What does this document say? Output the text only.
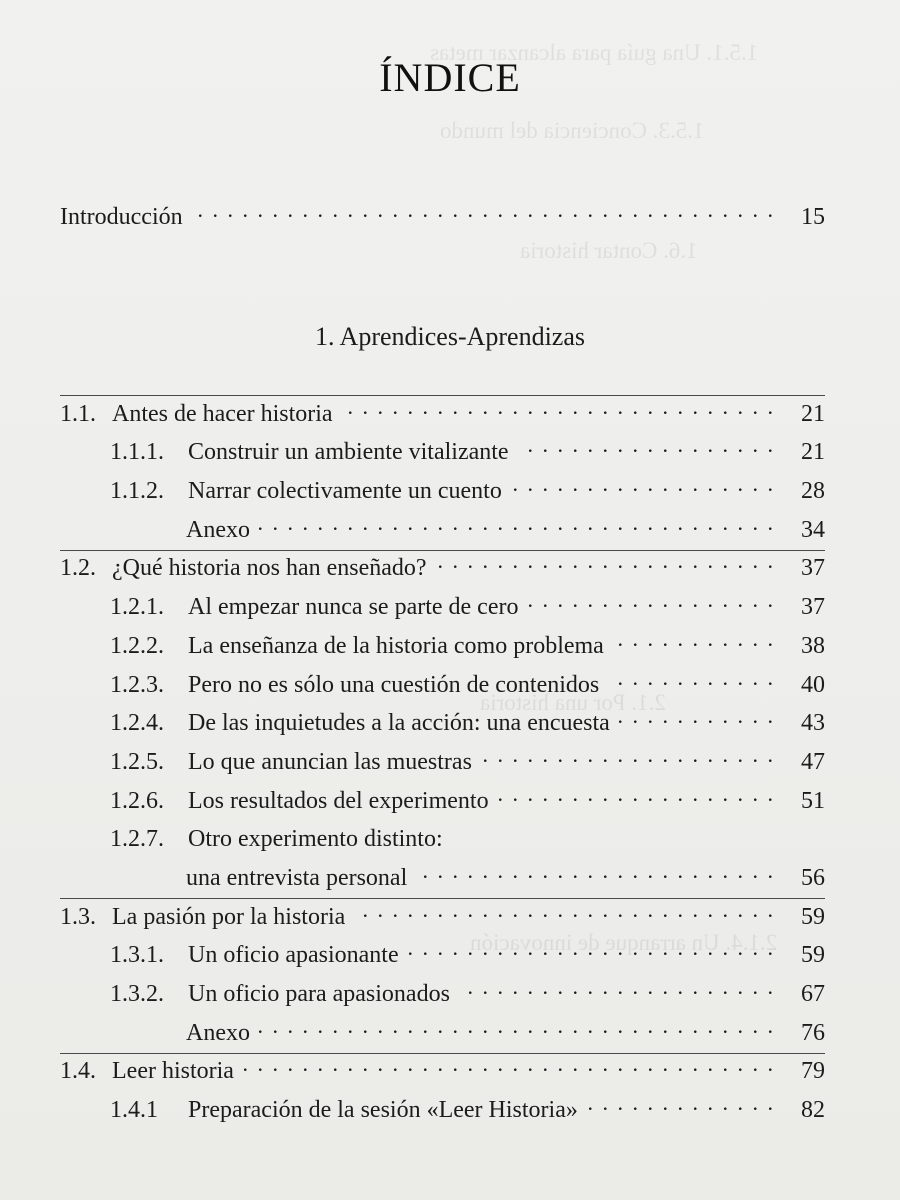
1.5.1. Una guía para alcanzar metas
1.5.3. Conciencia del mundo
1.6. Contar historia
2.1. Por una historia
2.1.4. Un arranque de innovación
ÍNDICE
Introducción . . .	15
1. Aprendices-Aprendizas
1.1. Antes de hacer historia . . .	21
1.1.1.	Construir un ambiente vitalizante . . .	21
1.1.2.	Narrar colectivamente un cuento . . .	28
Anexo . . .	34
1.2. ¿Qué historia nos han enseñado? . . .	37
1.2.1.	Al empezar nunca se parte de cero . . .	37
1.2.2.	La enseñanza de la historia como problema . . .	38
1.2.3.	Pero no es sólo una cuestión de contenidos . . .	40
1.2.4.	De las inquietudes a la acción: una encuesta . . .	43
1.2.5.	Lo que anuncian las muestras . . .	47
1.2.6.	Los resultados del experimento . . .	51
1.2.7.	Otro experimento distinto:
una entrevista personal . . .	56
1.3. La pasión por la historia . . .	59
1.3.1.	Un oficio apasionante . . .	59
1.3.2.	Un oficio para apasionados . . .	67
Anexo . . .	76
1.4. Leer historia . . .	79
1.4.1	Preparación de la sesión «Leer Historia» . . .	82
